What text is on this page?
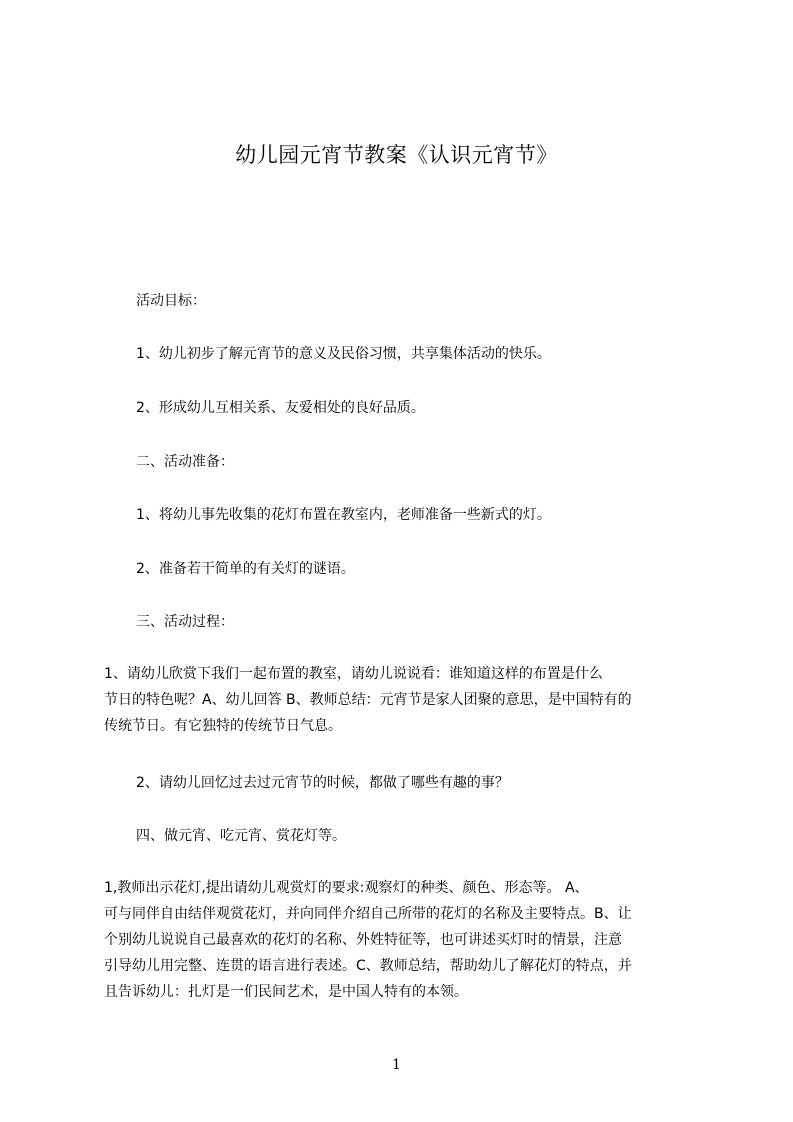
幼儿园元宵节教案《认识元宵节》
活动目标：
1、幼儿初步了解元宵节的意义及民俗习惯，共享集体活动的快乐。
2、形成幼儿互相关系、友爱相处的良好品质。
二、活动准备：
1、将幼儿事先收集的花灯布置在教室内，老师准备一些新式的灯。
2、准备若干简单的有关灯的谜语。
三、活动过程：
1、请幼儿欣赏下我们一起布置的教室，请幼儿说说看：谁知道这样的布置是什么
节日的特色呢？A、幼儿回答 B、教师总结：元宵节是家人团聚的意思，是中国特有的
传统节日。有它独特的传统节日气息。
2、请幼儿回忆过去过元宵节的时候，都做了哪些有趣的事？
四、做元宵、吃元宵、赏花灯等。
1,教师出示花灯,提出请幼儿观赏灯的要求:观察灯的种类、颜色、形态等。 A、
可与同伴自由结伴观赏花灯，并向同伴介绍自己所带的花灯的名称及主要特点。B、让
个别幼儿说说自己最喜欢的花灯的名称、外姓特征等，也可讲述买灯时的情景，注意
引导幼儿用完整、连贯的语言进行表述。C、教师总结，帮助幼儿了解花灯的特点，并
且告诉幼儿：扎灯是一们民间艺术，是中国人特有的本领。
1
